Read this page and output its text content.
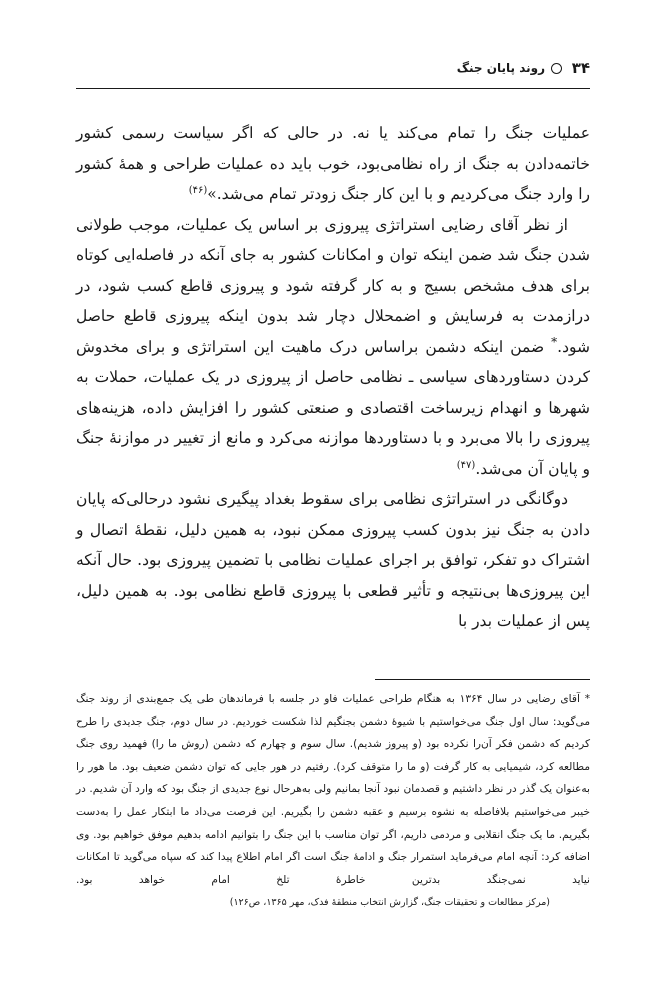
۳۴
روند پایان جنگ

عملیات جنگ را تمام می‌کند یا نه. در حالی که اگر سیاست رسمی کشور خاتمه‌دادن به جنگ از راه نظامی‌بود، خوب باید ده عملیات طراحی و همهٔ کشور را وارد جنگ می‌کردیم و با این کار جنگ زودتر تمام می‌شد.»$^{(۴۶)}$

از نظر آقای رضایی استراتژی پیروزی بر اساس یک عملیات، موجب طولانی شدن جنگ شد ضمن اینکه توان و امکانات کشور به جای آنکه در فاصله‌ایی کوتاه برای هدف مشخص بسیج و به کار گرفته شود و پیروزی قاطع کسب شود، در درازمدت به فرسایش و اضمحلال دچار شد بدون اینکه پیروزی قاطع حاصل شود.* ضمن اینکه دشمن براساس درک ماهیت این استراتژی و برای مخدوش کردن دستاوردهای سیاسی ـ نظامی حاصل از پیروزی در یک عملیات، حملات به شهرها و انهدام زیرساخت اقتصادی و صنعتی کشور را افزایش داده، هزینه‌های پیروزی را بالا می‌برد و با دستاوردها موازنه می‌کرد و مانع از تغییر در موازنهٔ جنگ و پایان آن می‌شد.$^{(۴۷)}$

دوگانگی در استراتژی نظامی برای سقوط بغداد پیگیری نشود درحالی‌که پایان دادن به جنگ نیز بدون کسب پیروزی ممکن نبود، به همین دلیل، نقطهٔ اتصال و اشتراک دو تفکر، توافق بر اجرای عملیات نظامی با تضمین پیروزی بود. حال آنکه این پیروزی‌ها بی‌نتیجه و تأثیر قطعی با پیروزی قاطع نظامی بود. به همین دلیل، پس از عملیات بدر با

* آقای رضایی در سال ۱۳۶۴ به هنگام طراحی عملیات فاو در جلسه با فرماندهان طی یک جمع‌بندی از روند جنگ می‌گوید: سال اول جنگ می‌خواستیم با شیوهٔ دشمن بجنگیم لذا شکست خوردیم. در سال دوم، جنگ جدیدی را طرح کردیم که دشمن فکر آن‌را نکرده بود (و پیروز شدیم). سال سوم و چهارم که دشمن (روش ما را) فهمید روی جنگ مطالعه کرد، شیمیایی به کار گرفت (و ما را متوقف کرد). رفتیم در هور جایی که توان دشمن ضعیف بود. ما هور را به‌عنوان یک گذر در نظر داشتیم و قصدمان نبود آنجا بمانیم ولی به‌هرحال نوع جدیدی از جنگ بود که وارد آن شدیم. در خیبر می‌خواستیم بلافاصله به نشوه برسیم و عقبه دشمن را بگیریم. این فرصت می‌داد ما ابتکار عمل را به‌دست بگیریم. ما یک جنگ انقلابی و مردمی داریم، اگر توان مناسب با این جنگ را بتوانیم ادامه بدهیم موفق خواهیم بود. وی اضافه کرد: آنچه امام می‌فرماید استمرار جنگ و ادامهٔ جنگ است اگر امام اطلاع پیدا کند که سپاه می‌گوید تا امکانات نیاید نمی‌جنگد بدترین خاطرهٔ تلخ امام خواهد بود.(مرکز مطالعات و تحقیقات جنگ، گزارش انتخاب منطقهٔ فدک، مهر ۱۳۶۵، ص۱۲۶)
